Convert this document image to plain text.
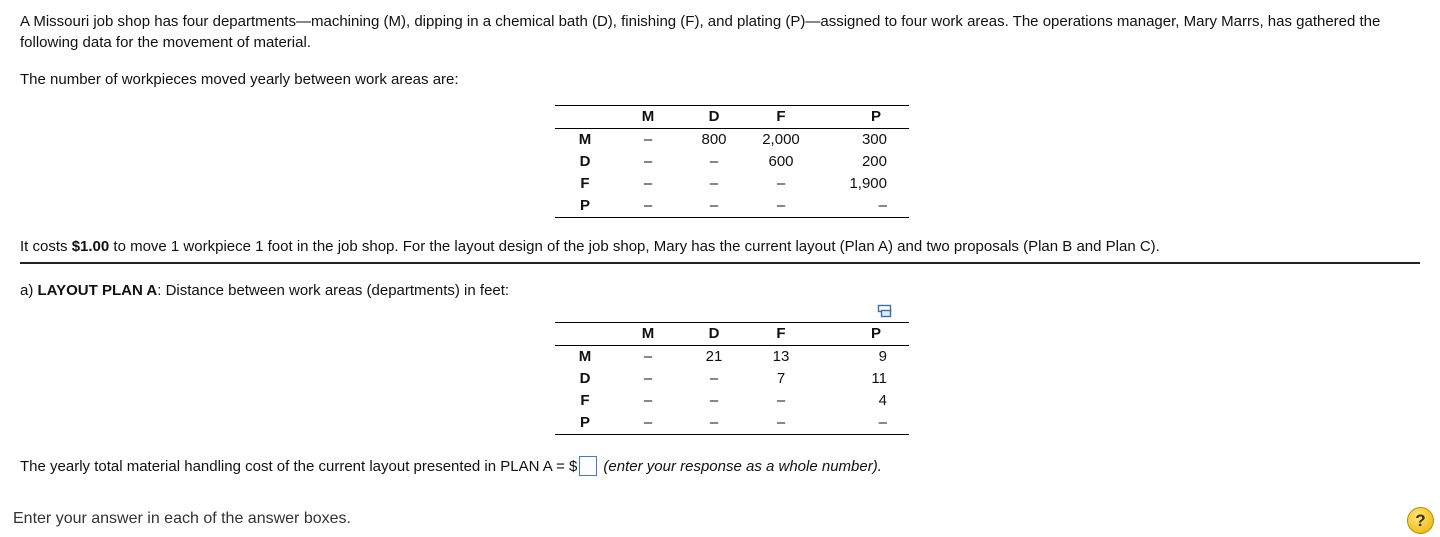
A Missouri job shop has four departments—machining (M), dipping in a chemical bath (D), finishing (F), and plating (P)—assigned to four work areas. The operations manager, Mary Marrs, has gathered the following data for the movement of material.

The number of workpieces moved yearly between work areas are:

	M	D	F	P
M	–	800	2,000	300
D	–	–	600	200
F	–	–	–	1,900
P	–	–	–	–

It costs $1.00 to move 1 workpiece 1 foot in the job shop. For the layout design of the job shop, Mary has the current layout (Plan A) and two proposals (Plan B and Plan C).

a) LAYOUT PLAN A: Distance between work areas (departments) in feet:

	M	D	F	P
M	–	21	13	9
D	–	–	7	11
F	–	–	–	4
P	–	–	–	–
The yearly total material handling cost of the current layout presented in PLAN A = $ (enter your response as a whole number).
Enter your answer in each of the answer boxes.	?
